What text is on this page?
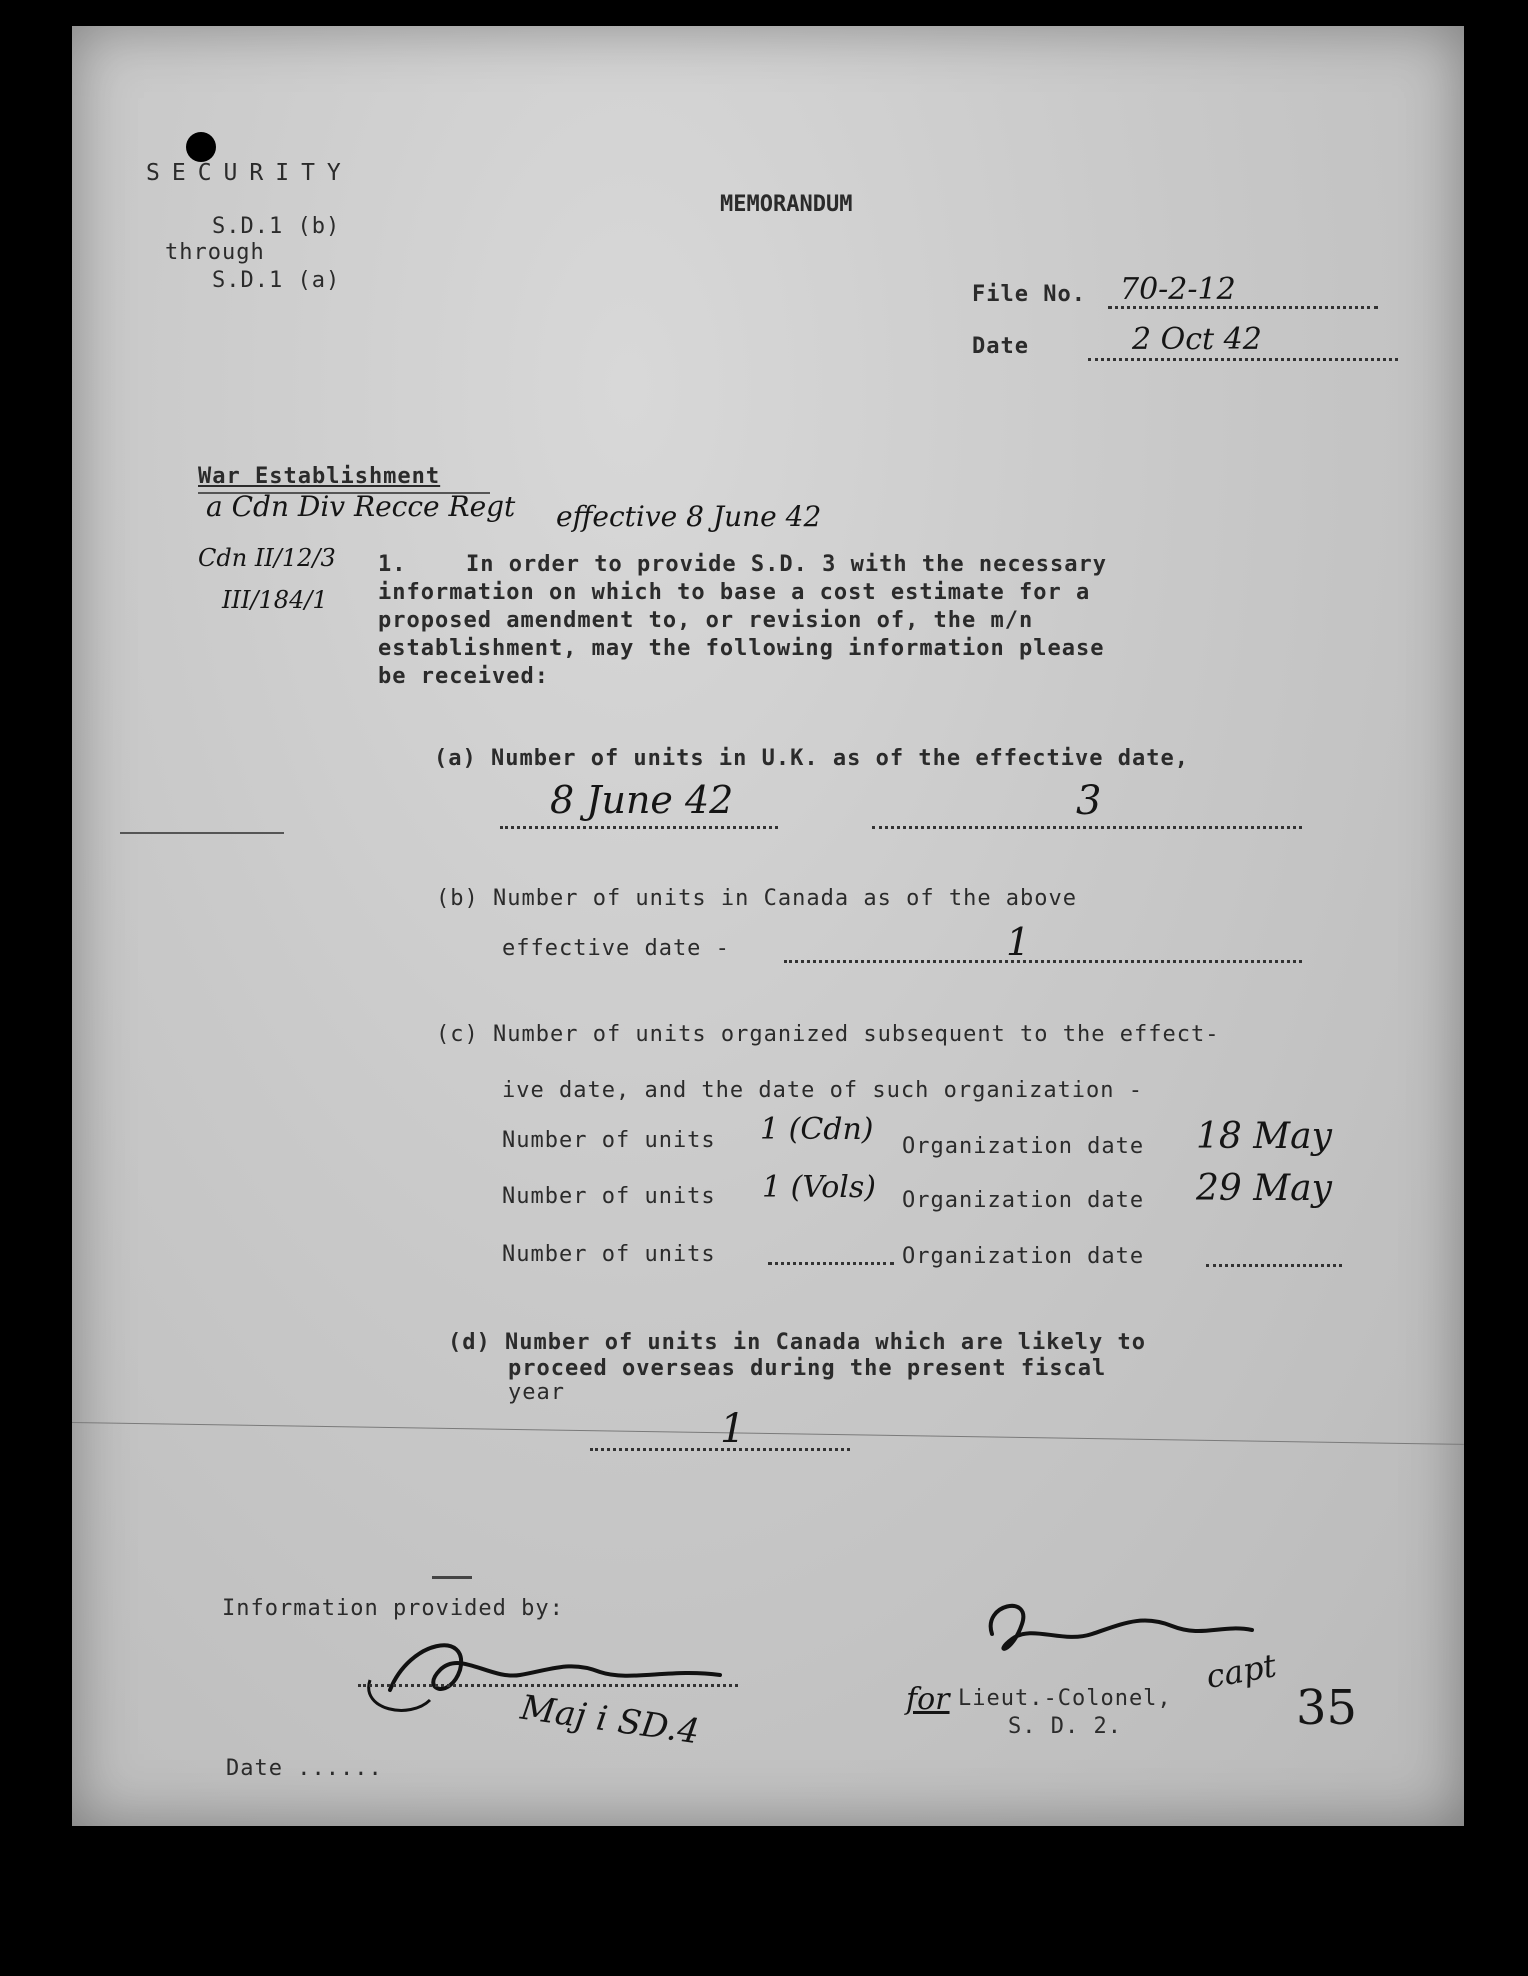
SECURITY
S.D.1 (b)
through
S.D.1 (a)
MEMORANDUM
File No. 70-2-12
Date	2 Oct 42
War Establishment
a Cdn Div Recce Regt effective 8 June 42
Cdn II/12/3
III/184/1
1.	In order to provide S.D. 3 with the necessary
information on which to base a cost estimate for a
proposed amendment to, or revision of, the m/n
establishment, may the following information please
be received:
(a) Number of units in U.K. as of the effective date,
8 June 42	3
(b) Number of units in Canada as of the above
effective date -	1
(c) Number of units organized subsequent to the effect-
ive date, and the date of such organization -
Number of units 1 (Cdn) Organization date 18 May
Number of units 1 (Vols) Organization date 29 May
Number of units	Organization date
(d) Number of units in Canada which are likely to
proceed overseas during the present fiscal
year
1
Information provided by:
Maj i SD.4	for Lieut.-Colonel,
S. D. 2.
capt
35
Date ......
